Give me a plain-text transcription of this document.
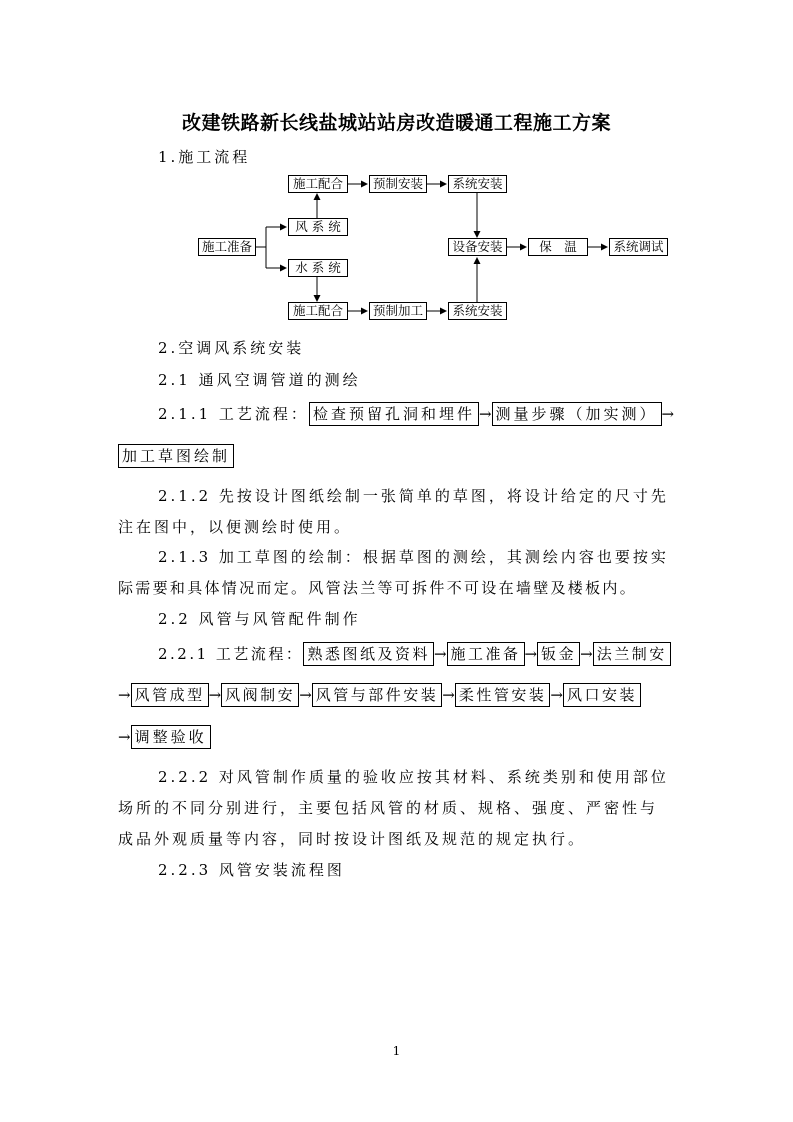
改建铁路新长线盐城站站房改造暖通工程施工方案
1.施工流程
施工准备
风 系 统
水 系 统
施工配合	预制安装	系统安装
施工配合	预制加工	系统安装
设备安装	保　温	系统调试
2.空调风系统安装
2.1 通风空调管道的测绘
2.1.1 工艺流程： 检查预留孔洞和埋件 → 测量步骤（加实测） →
加工草图绘制
2.1.2 先按设计图纸绘制一张简单的草图，将设计给定的尺寸先
注在图中，以便测绘时使用。
2.1.3 加工草图的绘制：根据草图的测绘，其测绘内容也要按实
际需要和具体情况而定。风管法兰等可拆件不可设在墙壁及楼板内。
2.2 风管与风管配件制作
2.2.1 工艺流程： 熟悉图纸及资料 → 施工准备 → 钣金 → 法兰制安
→ 风管成型 → 风阀制安 → 风管与部件安装 → 柔性管安装 → 风口安装
→ 调整验收
2.2.2 对风管制作质量的验收应按其材料、系统类别和使用部位
场所的不同分别进行，主要包括风管的材质、规格、强度、严密性与
成品外观质量等内容，同时按设计图纸及规范的规定执行。
2.2.3 风管安装流程图
1
